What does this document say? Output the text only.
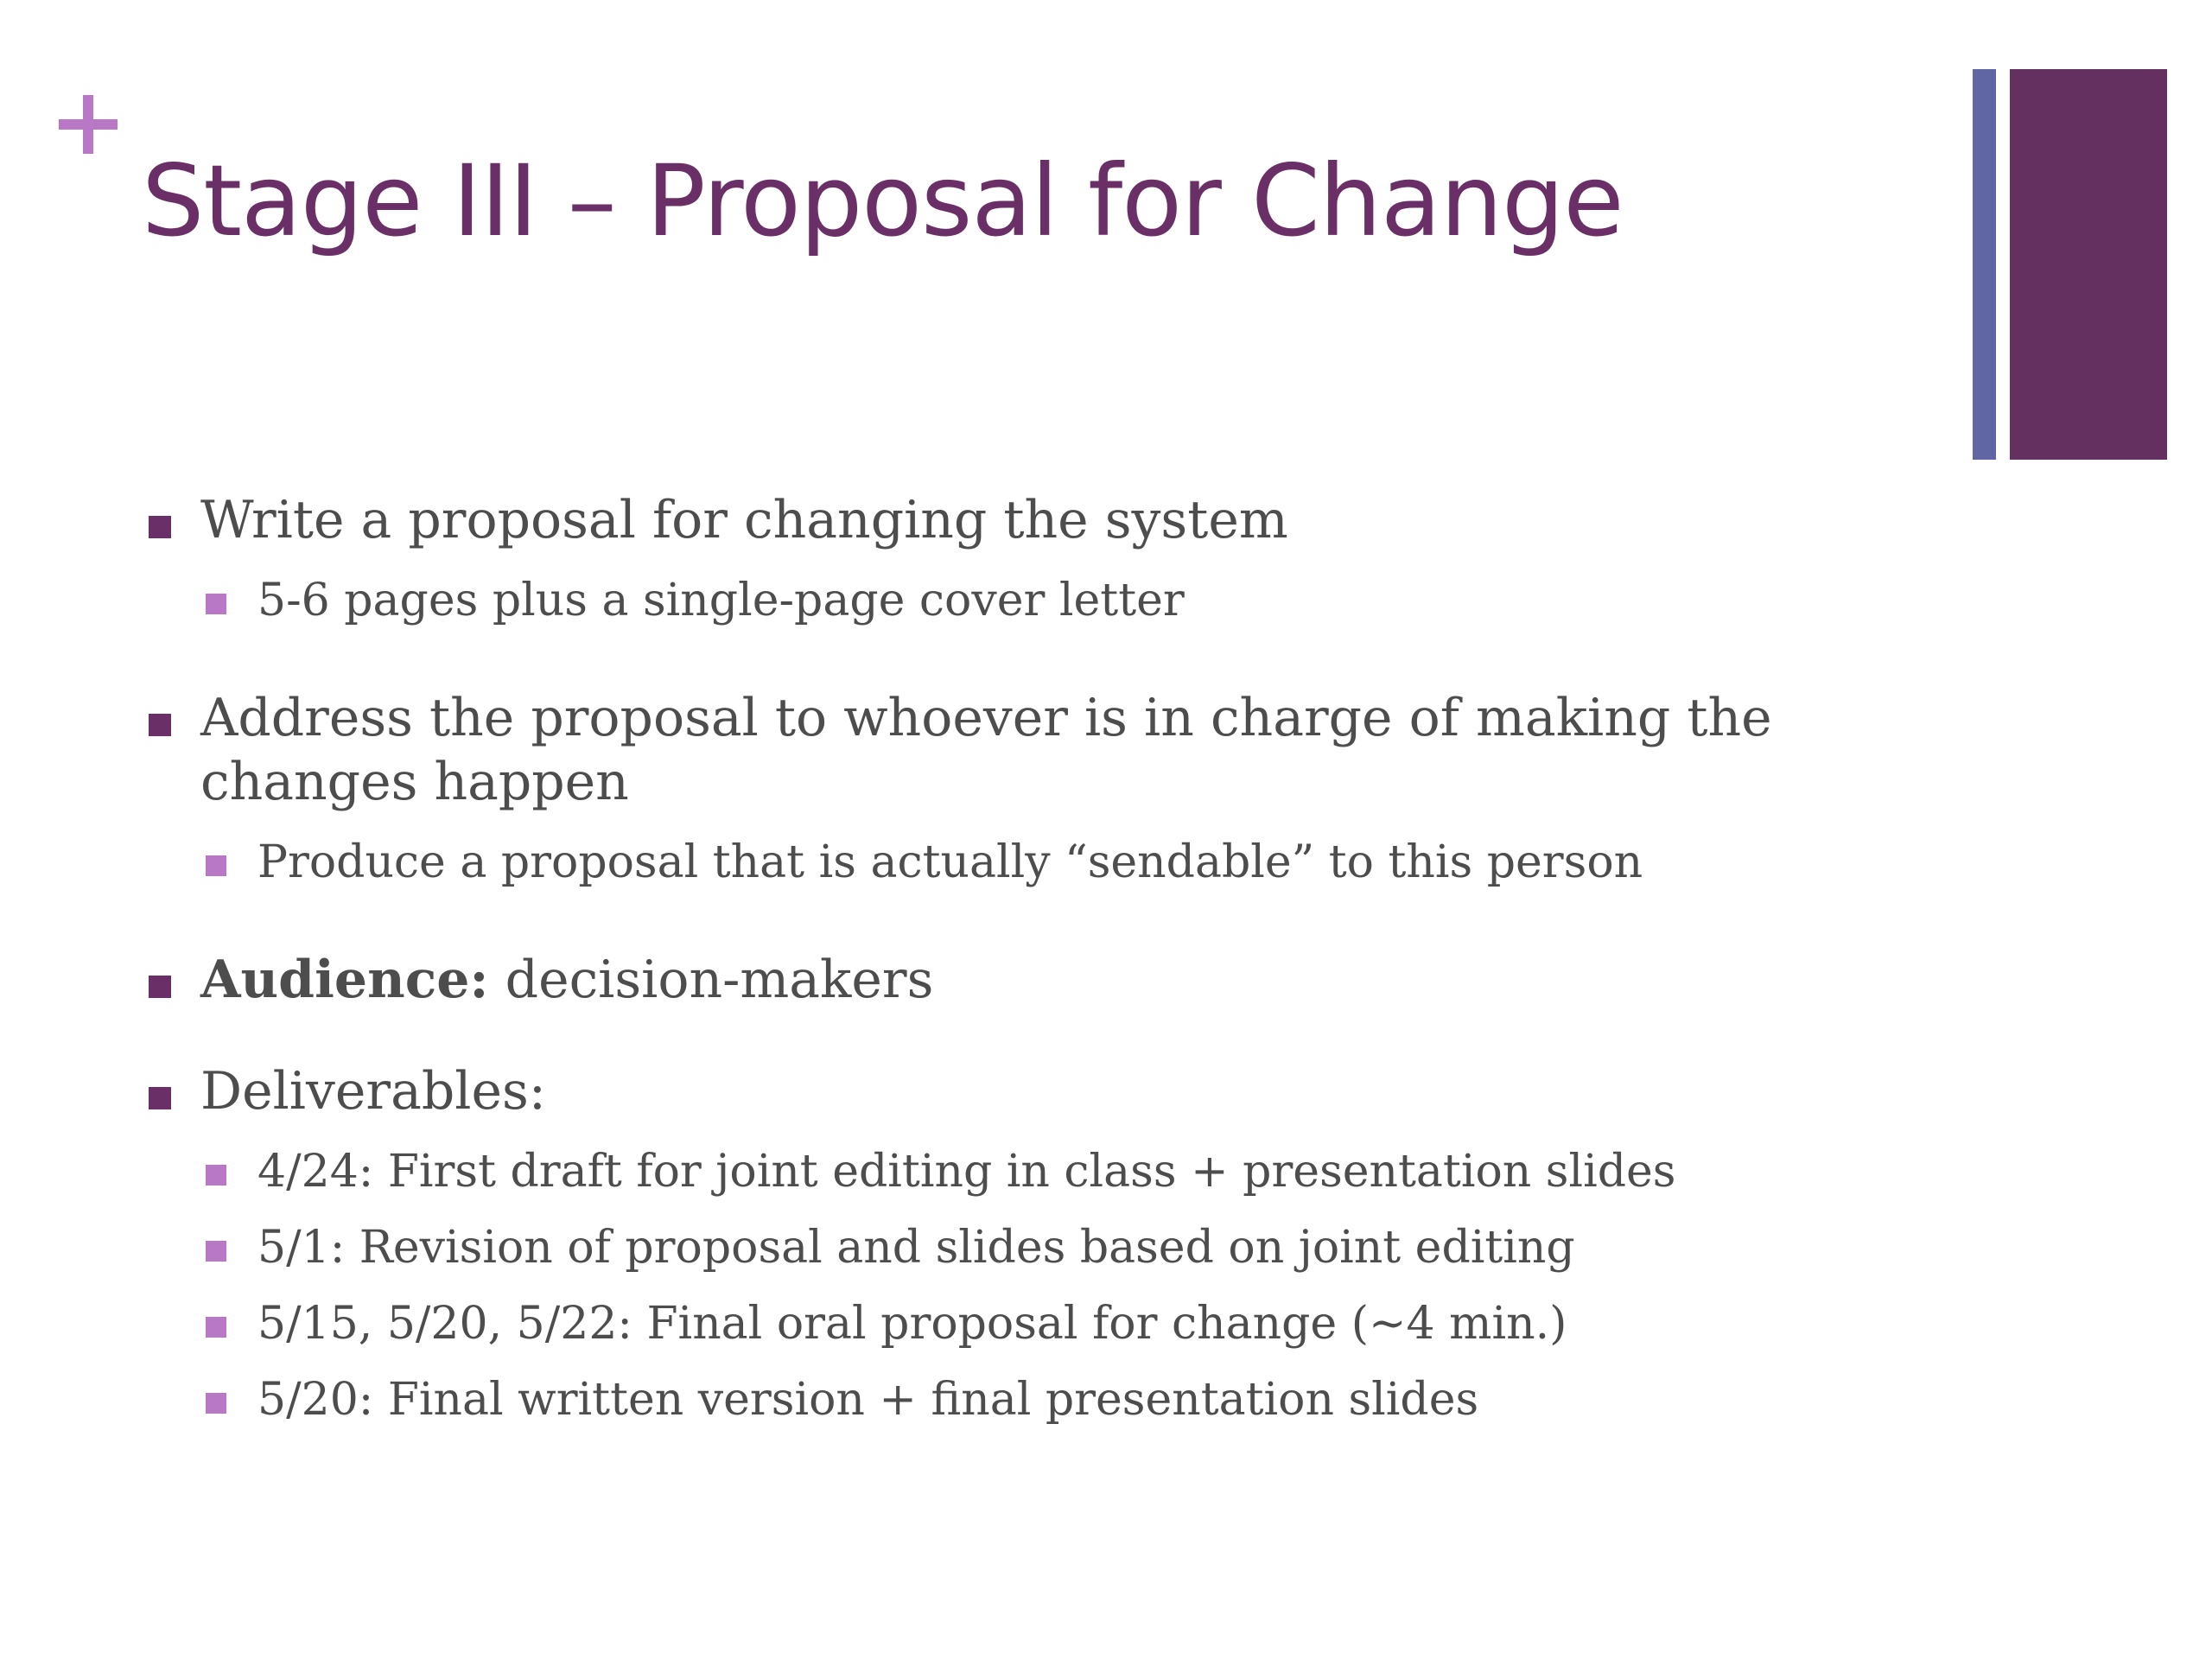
Stage III – Proposal for Change
Write a proposal for changing the system
5-6 pages plus a single-page cover letter
Address the proposal to whoever is in charge of making the changes happen
Produce a proposal that is actually “sendable” to this person
Audience: decision-makers
Deliverables:
4/24: First draft for joint editing in class + presentation slides
5/1: Revision of proposal and slides based on joint editing
5/15, 5/20, 5/22: Final oral proposal for change (~4 min.)
5/20: Final written version + final presentation slides
